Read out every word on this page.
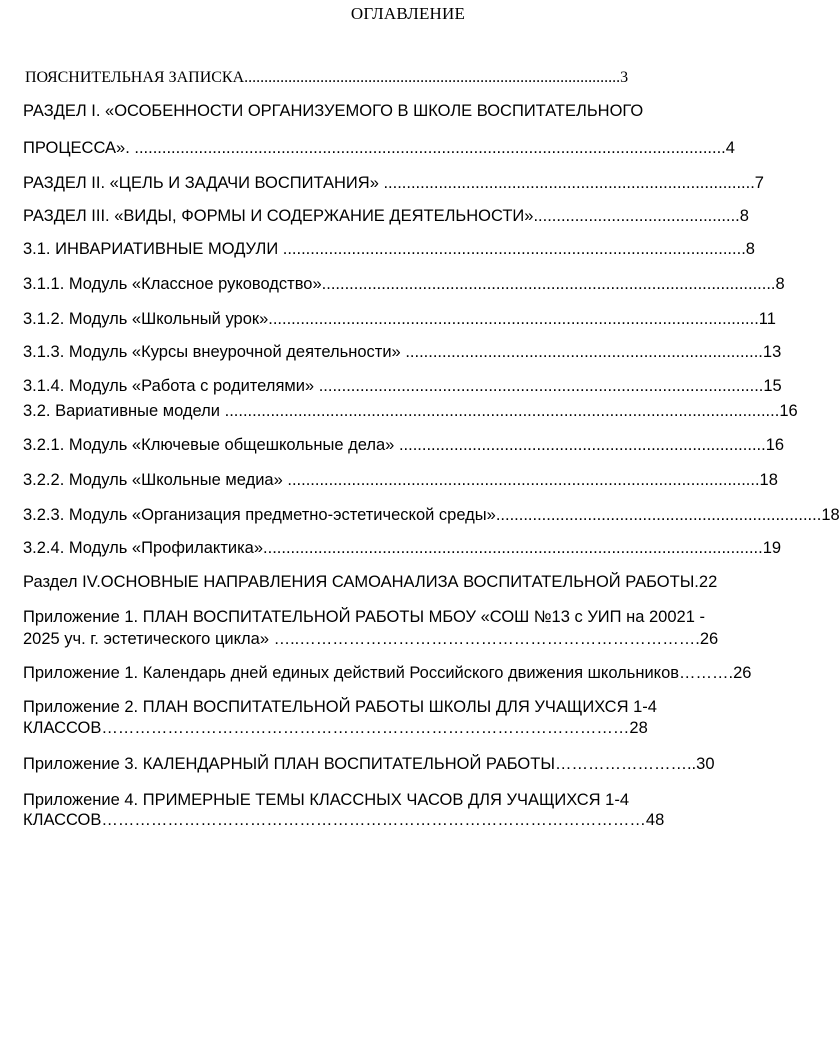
ОГЛАВЛЕНИЕ

ПОЯСНИТЕЛЬНАЯ ЗАПИСКА..............................................................................................3

РАЗДЕЛ I. «ОСОБЕННОСТИ ОРГАНИЗУЕМОГО В ШКОЛЕ ВОСПИТАТЕЛЬНОГО

ПРОЦЕССА». .................................................................................................................................4

РАЗДЕЛ II. «ЦЕЛЬ И ЗАДАЧИ ВОСПИТАНИЯ» .................................................................................7

РАЗДЕЛ III. «ВИДЫ, ФОРМЫ И СОДЕРЖАНИЕ ДЕЯТЕЛЬНОСТИ».............................................8

3.1. ИНВАРИАТИВНЫЕ МОДУЛИ .....................................................................................................8

3.1.1. Модуль «Классное руководство»...................................................................................................8

3.1.2. Модуль «Школьный урок»...........................................................................................................11

3.1.3. Модуль «Курсы внеурочной деятельности» ..............................................................................13

3.1.4. Модуль «Работа с родителями» .................................................................................................15

3.2. Вариативные модели .........................................................................................................................16

3.2.1. Модуль «Ключевые общешкольные дела» ................................................................................16

3.2.2. Модуль «Школьные медиа» .......................................................................................................18

3.2.3. Модуль «Организация предметно-эстетической среды».......................................................................18

3.2.4. Модуль «Профилактика».............................................................................................................19

Раздел IV.ОСНОВНЫЕ НАПРАВЛЕНИЯ САМОАНАЛИЗА ВОСПИТАТЕЛЬНОЙ РАБОТЫ.22

Приложение 1. ПЛАН ВОСПИТАТЕЛЬНОЙ РАБОТЫ МБОУ «СОШ №13 с УИП на 20021 -

2025 уч. г. эстетического цикла» …..……………………………………………………………….26

Приложение 1. Календарь дней единых действий Российского движения школьников……….26

Приложение 2. ПЛАН ВОСПИТАТЕЛЬНОЙ РАБОТЫ ШКОЛЫ ДЛЯ УЧАЩИХСЯ 1-4

КЛАССОВ……………………………………………………………………………………28

Приложение 3. КАЛЕНДАРНЫЙ ПЛАН ВОСПИТАТЕЛЬНОЙ РАБОТЫ……………………..30

Приложение 4. ПРИМЕРНЫЕ ТЕМЫ КЛАССНЫХ ЧАСОВ ДЛЯ УЧАЩИХСЯ 1-4

КЛАССОВ………………………………………………………………………………………48
